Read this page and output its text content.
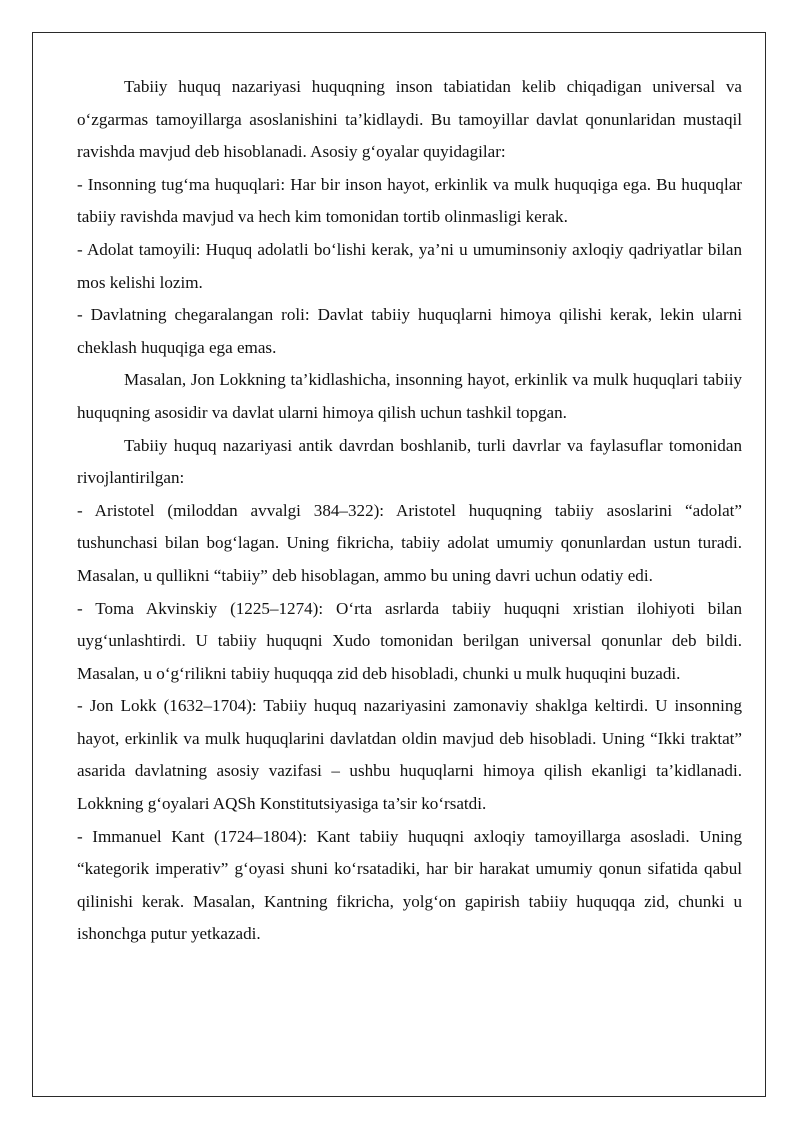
Tabiiy huquq nazariyasi huquqning inson tabiatidan kelib chiqadigan universal va o‘zgarmas tamoyillarga asoslanishini ta’kidlaydi. Bu tamoyillar davlat qonunlaridan mustaqil ravishda mavjud deb hisoblanadi. Asosiy g‘oyalar quyidagilar:

- Insonning tug‘ma huquqlari: Har bir inson hayot, erkinlik va mulk huquqiga ega. Bu huquqlar tabiiy ravishda mavjud va hech kim tomonidan tortib olinmasligi kerak.

- Adolat tamoyili: Huquq adolatli bo‘lishi kerak, ya’ni u umuminsoniy axloqiy qadriyatlar bilan mos kelishi lozim.

- Davlatning chegaralangan roli: Davlat tabiiy huquqlarni himoya qilishi kerak, lekin ularni cheklash huquqiga ega emas.

Masalan, Jon Lokkning ta’kidlashicha, insonning hayot, erkinlik va mulk huquqlari tabiiy huquqning asosidir va davlat ularni himoya qilish uchun tashkil topgan.

Tabiiy huquq nazariyasi antik davrdan boshlanib, turli davrlar va faylasuflar tomonidan rivojlantirilgan:

- Aristotel (miloddan avvalgi 384–322): Aristotel huquqning tabiiy asoslarini “adolat” tushunchasi bilan bog‘lagan. Uning fikricha, tabiiy adolat umumiy qonunlardan ustun turadi. Masalan, u qullikni “tabiiy” deb hisoblagan, ammo bu uning davri uchun odatiy edi.

- Toma Akvinskiy (1225–1274): O‘rta asrlarda tabiiy huquqni xristian ilohiyoti bilan uyg‘unlashtirdi. U tabiiy huquqni Xudo tomonidan berilgan universal qonunlar deb bildi. Masalan, u o‘g‘rilikni tabiiy huquqqa zid deb hisobladi, chunki u mulk huquqini buzadi.

- Jon Lokk (1632–1704): Tabiiy huquq nazariyasini zamonaviy shaklga keltirdi. U insonning hayot, erkinlik va mulk huquqlarini davlatdan oldin mavjud deb hisobladi. Uning “Ikki traktat” asarida davlatning asosiy vazifasi – ushbu huquqlarni himoya qilish ekanligi ta’kidlanadi. Lokkning g‘oyalari AQSh Konstitutsiyasiga ta’sir ko‘rsatdi.

- Immanuel Kant (1724–1804): Kant tabiiy huquqni axloqiy tamoyillarga asosladi. Uning “kategorik imperativ” g‘oyasi shuni ko‘rsatadiki, har bir harakat umumiy qonun sifatida qabul qilinishi kerak. Masalan, Kantning fikricha, yolg‘on gapirish tabiiy huquqqa zid, chunki u ishonchga putur yetkazadi.
